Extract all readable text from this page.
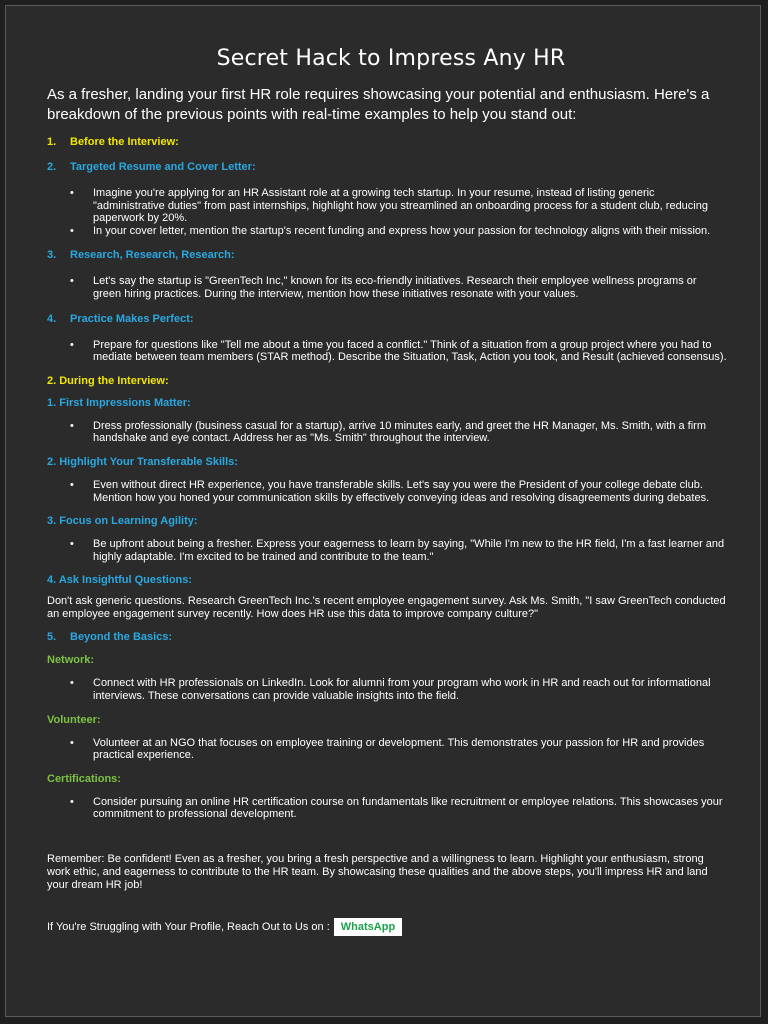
Secret Hack to Impress Any HR

As a fresher, landing your first HR role requires showcasing your potential and enthusiasm. Here's a breakdown of the previous points with real-time examples to help you stand out:

1. Before the Interview:

2. Targeted Resume and Cover Letter:

• Imagine you're applying for an HR Assistant role at a growing tech startup. In your resume, instead of listing generic "administrative duties" from past internships, highlight how you streamlined an onboarding process for a student club, reducing paperwork by 20%.
• In your cover letter, mention the startup's recent funding and express how your passion for technology aligns with their mission.

3. Research, Research, Research:

• Let's say the startup is "GreenTech Inc," known for its eco-friendly initiatives. Research their employee wellness programs or green hiring practices. During the interview, mention how these initiatives resonate with your values.

4. Practice Makes Perfect:

• Prepare for questions like "Tell me about a time you faced a conflict." Think of a situation from a group project where you had to mediate between team members (STAR method). Describe the Situation, Task, Action you took, and Result (achieved consensus).

2. During the Interview:

1. First Impressions Matter:

• Dress professionally (business casual for a startup), arrive 10 minutes early, and greet the HR Manager, Ms. Smith, with a firm handshake and eye contact. Address her as "Ms. Smith" throughout the interview.

2. Highlight Your Transferable Skills:

• Even without direct HR experience, you have transferable skills. Let's say you were the President of your college debate club. Mention how you honed your communication skills by effectively conveying ideas and resolving disagreements during debates.

3. Focus on Learning Agility:

• Be upfront about being a fresher. Express your eagerness to learn by saying, "While I'm new to the HR field, I'm a fast learner and highly adaptable. I'm excited to be trained and contribute to the team."

4. Ask Insightful Questions:

Don't ask generic questions. Research GreenTech Inc.'s recent employee engagement survey. Ask Ms. Smith, "I saw GreenTech conducted an employee engagement survey recently. How does HR use this data to improve company culture?"

5. Beyond the Basics:

Network:

• Connect with HR professionals on LinkedIn. Look for alumni from your program who work in HR and reach out for informational interviews. These conversations can provide valuable insights into the field.

Volunteer:

• Volunteer at an NGO that focuses on employee training or development. This demonstrates your passion for HR and provides practical experience.

Certifications:

• Consider pursuing an online HR certification course on fundamentals like recruitment or employee relations. This showcases your commitment to professional development.

Remember: Be confident! Even as a fresher, you bring a fresh perspective and a willingness to learn. Highlight your enthusiasm, strong work ethic, and eagerness to contribute to the HR team. By showcasing these qualities and the above steps, you'll impress HR and land your dream HR job!

If You're Struggling with Your Profile, Reach Out to Us on :	WhatsApp
